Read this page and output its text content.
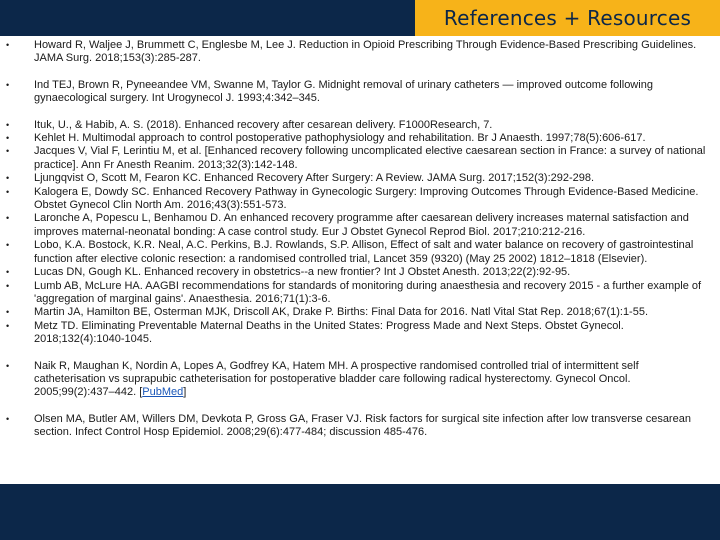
References + Resources
• Howard R, Waljee J, Brummett C, Englesbe M, Lee J. Reduction in Opioid Prescribing Through Evidence-Based Prescribing Guidelines. JAMA Surg. 2018;153(3):285-287.
• Ind TEJ, Brown R, Pyneeandee VM, Swanne M, Taylor G. Midnight removal of urinary catheters — improved outcome following gynaecological surgery. Int Urogynecol J. 1993;4:342–345.
• Ituk, U., & Habib, A. S. (2018). Enhanced recovery after cesarean delivery. F1000Research, 7.
• Kehlet H. Multimodal approach to control postoperative pathophysiology and rehabilitation. Br J Anaesth. 1997;78(5):606-617.
• Jacques V, Vial F, Lerintiu M, et al. [Enhanced recovery following uncomplicated elective caesarean section in France: a survey of national practice]. Ann Fr Anesth Reanim. 2013;32(3):142-148.
• Ljungqvist O, Scott M, Fearon KC. Enhanced Recovery After Surgery: A Review. JAMA Surg. 2017;152(3):292-298.
• Kalogera E, Dowdy SC. Enhanced Recovery Pathway in Gynecologic Surgery: Improving Outcomes Through Evidence-Based Medicine. Obstet Gynecol Clin North Am. 2016;43(3):551-573.
• Laronche A, Popescu L, Benhamou D. An enhanced recovery programme after caesarean delivery increases maternal satisfaction and improves maternal-neonatal bonding: A case control study. Eur J Obstet Gynecol Reprod Biol. 2017;210:212-216.
• Lobo, K.A. Bostock, K.R. Neal, A.C. Perkins, B.J. Rowlands, S.P. Allison, Effect of salt and water balance on recovery of gastrointestinal function after elective colonic resection: a randomised controlled trial, Lancet 359 (9320) (May 25 2002) 1812–1818 (Elsevier).
• Lucas DN, Gough KL. Enhanced recovery in obstetrics--a new frontier? Int J Obstet Anesth. 2013;22(2):92-95.
• Lumb AB, McLure HA. AAGBI recommendations for standards of monitoring during anaesthesia and recovery 2015 - a further example of 'aggregation of marginal gains'. Anaesthesia. 2016;71(1):3-6.
• Martin JA, Hamilton BE, Osterman MJK, Driscoll AK, Drake P. Births: Final Data for 2016. Natl Vital Stat Rep. 2018;67(1):1-55.
• Metz TD. Eliminating Preventable Maternal Deaths in the United States: Progress Made and Next Steps. Obstet Gynecol. 2018;132(4):1040-1045.
• Naik R, Maughan K, Nordin A, Lopes A, Godfrey KA, Hatem MH. A prospective randomised controlled trial of intermittent self catheterisation vs suprapubic catheterisation for postoperative bladder care following radical hysterectomy. Gynecol Oncol. 2005;99(2):437–442. [PubMed]
• Olsen MA, Butler AM, Willers DM, Devkota P, Gross GA, Fraser VJ. Risk factors for surgical site infection after low transverse cesarean section. Infect Control Hosp Epidemiol. 2008;29(6):477-484; discussion 485-476.
